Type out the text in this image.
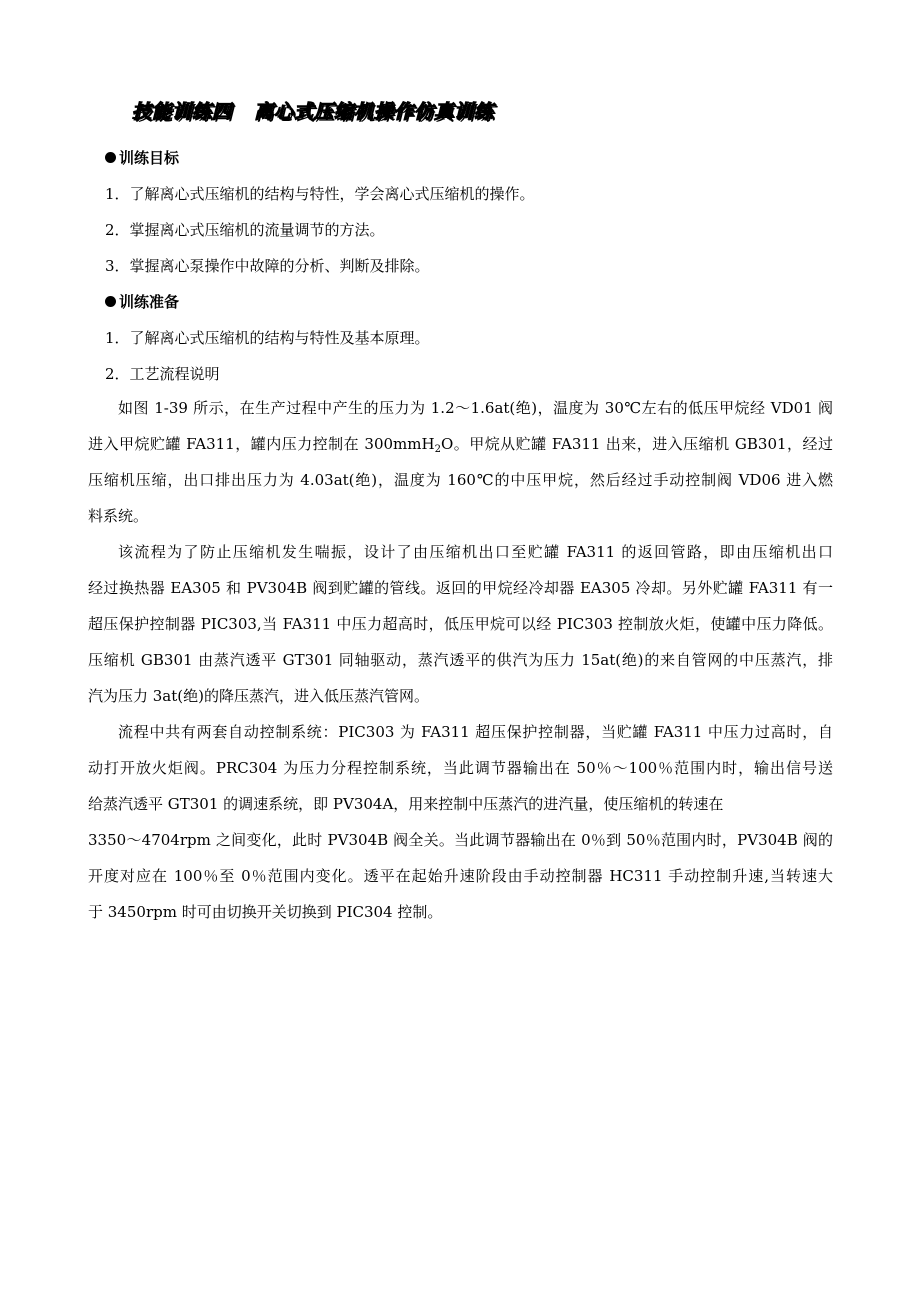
技能训练四 离心式压缩机操作仿真训练
训练目标
1．了解离心式压缩机的结构与特性，学会离心式压缩机的操作。
2．掌握离心式压缩机的流量调节的方法。
3．掌握离心泵操作中故障的分析、判断及排除。
训练准备
1．了解离心式压缩机的结构与特性及基本原理。
2．工艺流程说明
如图 1-39 所示，在生产过程中产生的压力为 1.2～1.6at(绝)，温度为 30℃左右的低压甲烷经 VD01 阀
进入甲烷贮罐 FA311，罐内压力控制在 300mmH$_2$O。甲烷从贮罐 FA311 出来，进入压缩机 GB301，经过
压缩机压缩，出口排出压力为 4.03at(绝)，温度为 160℃的中压甲烷，然后经过手动控制阀 VD06 进入燃
料系统。
该流程为了防止压缩机发生喘振，设计了由压缩机出口至贮罐 FA311 的返回管路，即由压缩机出口
经过换热器 EA305 和 PV304B 阀到贮罐的管线。返回的甲烷经冷却器 EA305 冷却。另外贮罐 FA311 有一
超压保护控制器 PIC303,当 FA311 中压力超高时，低压甲烷可以经 PIC303 控制放火炬，使罐中压力降低。
压缩机 GB301 由蒸汽透平 GT301 同轴驱动，蒸汽透平的供汽为压力 15at(绝)的来自管网的中压蒸汽，排
汽为压力 3at(绝)的降压蒸汽，进入低压蒸汽管网。
流程中共有两套自动控制系统：PIC303 为 FA311 超压保护控制器，当贮罐 FA311 中压力过高时，自
动打开放火炬阀。PRC304 为压力分程控制系统，当此调节器输出在 50％～100％范围内时，输出信号送
给蒸汽透平 GT301 的调速系统，即 PV304A，用来控制中压蒸汽的进汽量，使压缩机的转速在
3350～4704rpm 之间变化，此时 PV304B 阀全关。当此调节器输出在 0％到 50％范围内时，PV304B 阀的
开度对应在 100％至 0％范围内变化。透平在起始升速阶段由手动控制器 HC311 手动控制升速,当转速大
于 3450rpm 时可由切换开关切换到 PIC304 控制。
